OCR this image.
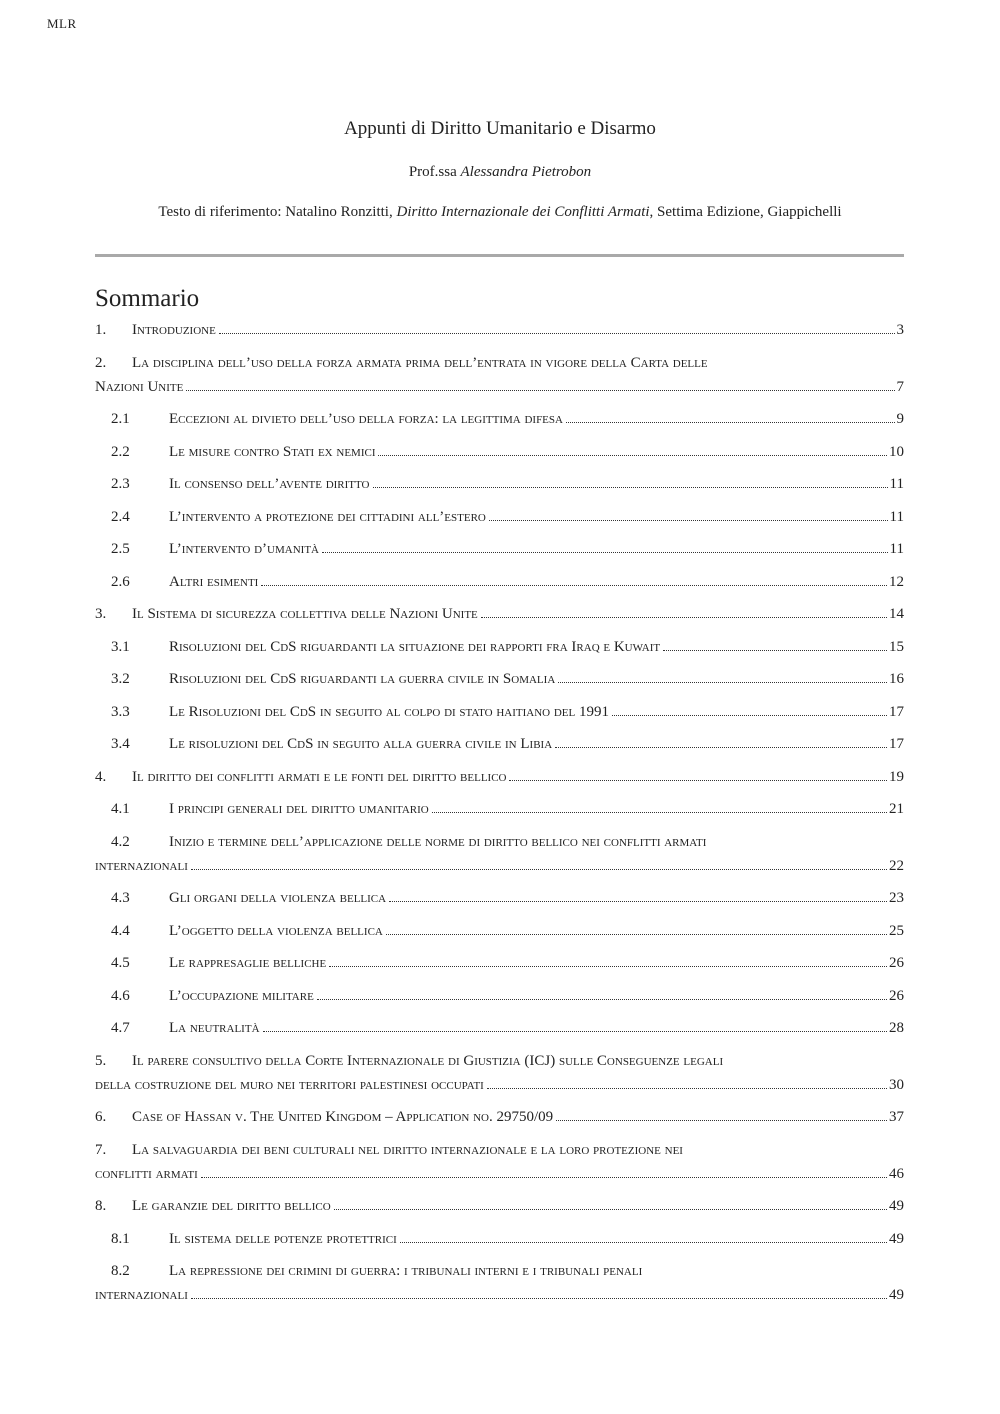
MLR
Appunti di Diritto Umanitario e Disarmo
Prof.ssa Alessandra Pietrobon
Testo di riferimento: Natalino Ronzitti, Diritto Internazionale dei Conflitti Armati, Settima Edizione, Giappichelli
Sommario
1.	Introduzione	3
2.	La disciplina dell’uso della forza armata prima dell’entrata in vigore della Carta delle
Nazioni Unite	7
2.1	Eccezioni al divieto dell’uso della forza: la legittima difesa	9
2.2	Le misure contro Stati ex nemici	10
2.3	Il consenso dell’avente diritto	11
2.4	L’intervento a protezione dei cittadini all’estero	11
2.5	L’intervento d’umanità	11
2.6	Altri esimenti	12
3.	Il Sistema di sicurezza collettiva delle Nazioni Unite	14
3.1	Risoluzioni del CdS riguardanti la situazione dei rapporti fra Iraq e Kuwait	15
3.2	Risoluzioni del CdS riguardanti la guerra civile in Somalia	16
3.3	Le Risoluzioni del CdS in seguito al colpo di stato haitiano del 1991	17
3.4	Le risoluzioni del CdS in seguito alla guerra civile in Libia	17
4.	Il diritto dei conflitti armati e le fonti del diritto bellico	19
4.1	I principi generali del diritto umanitario	21
4.2	Inizio e termine dell’applicazione delle norme di diritto bellico nei conflitti armati
internazionali	22
4.3	Gli organi della violenza bellica	23
4.4	L’oggetto della violenza bellica	25
4.5	Le rappresaglie belliche	26
4.6	L’occupazione militare	26
4.7	La neutralità	28
5.	Il parere consultivo della Corte Internazionale di Giustizia (ICJ) sulle Conseguenze legali
della costruzione del muro nei territori palestinesi occupati	30
6.	Case of Hassan v. The United Kingdom – Application no. 29750/09	37
7.	La salvaguardia dei beni culturali nel diritto internazionale e la loro protezione nei
conflitti armati	46
8.	Le garanzie del diritto bellico	49
8.1	Il sistema delle potenze protettrici	49
8.2	La repressione dei crimini di guerra: i tribunali interni e i tribunali penali
internazionali	49
